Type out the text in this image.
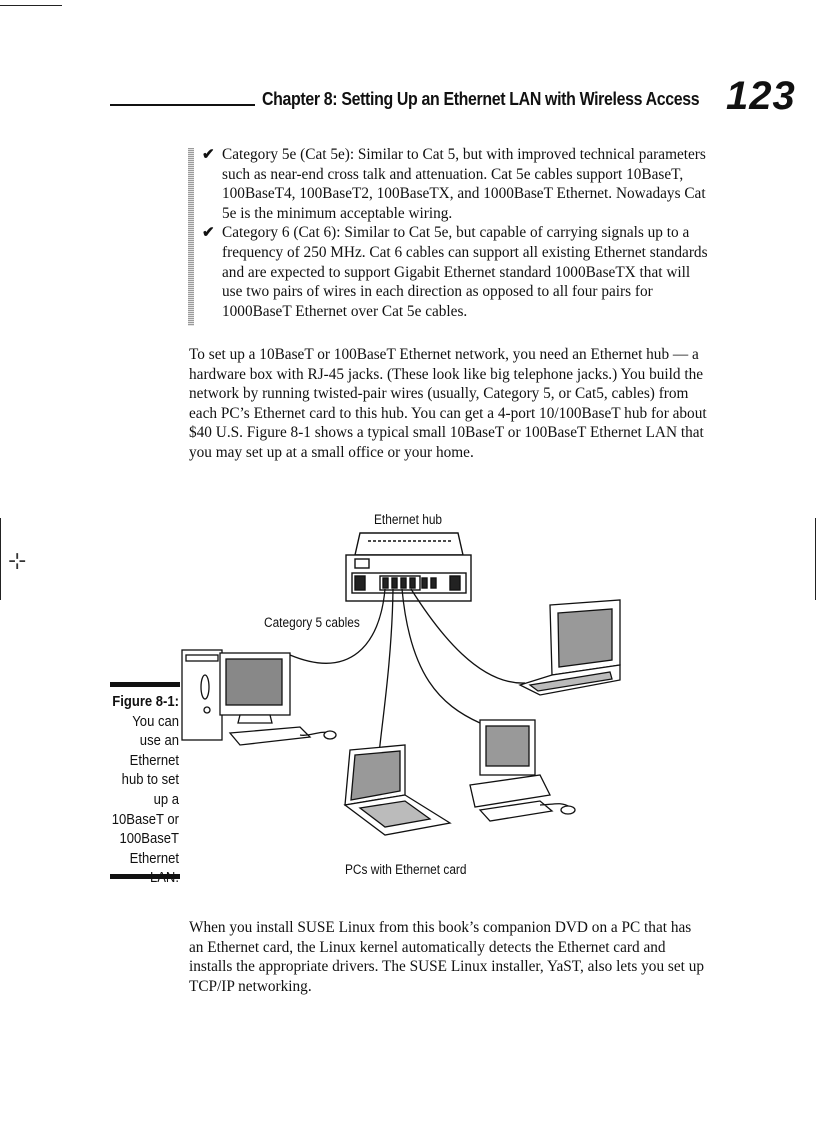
⊹
Chapter 8: Setting Up an Ethernet LAN with Wireless Access 123
✔ Category 5e (Cat 5e): Similar to Cat 5, but with improved technical parameters such as near-end cross talk and attenuation. Cat 5e cables support 10BaseT, 100BaseT4, 100BaseT2, 100BaseTX, and 1000BaseT Ethernet. Nowadays Cat 5e is the minimum acceptable wiring.
✔ Category 6 (Cat 6): Similar to Cat 5e, but capable of carrying signals up to a frequency of 250 MHz. Cat 6 cables can support all existing Ethernet standards and are expected to support Gigabit Ethernet standard 1000BaseTX that will use two pairs of wires in each direction as opposed to all four pairs for 1000BaseT Ethernet over Cat 5e cables.

To set up a 10BaseT or 100BaseT Ethernet network, you need an Ethernet hub — a hardware box with RJ-45 jacks. (These look like big telephone jacks.) You build the network by running twisted-pair wires (usually, Category 5, or Cat5, cables) from each PC’s Ethernet card to this hub. You can get a 4-port 10/100BaseT hub for about $40 U.S. Figure 8-1 shows a typical small 10BaseT or 100BaseT Ethernet LAN that you may set up at a small office or your home.

Ethernet hub
Category 5 cables
PCs with Ethernet card
Figure 8-1: You can use an Ethernet hub to set up a 10BaseT or 100BaseT Ethernet

When you install SUSE Linux from this book’s companion DVD on a PC that has an Ethernet card, the Linux kernel automatically detects the Ethernet card and installs the appropriate drivers. The SUSE Linux installer, YaST, also lets you set up TCP/IP networking.
